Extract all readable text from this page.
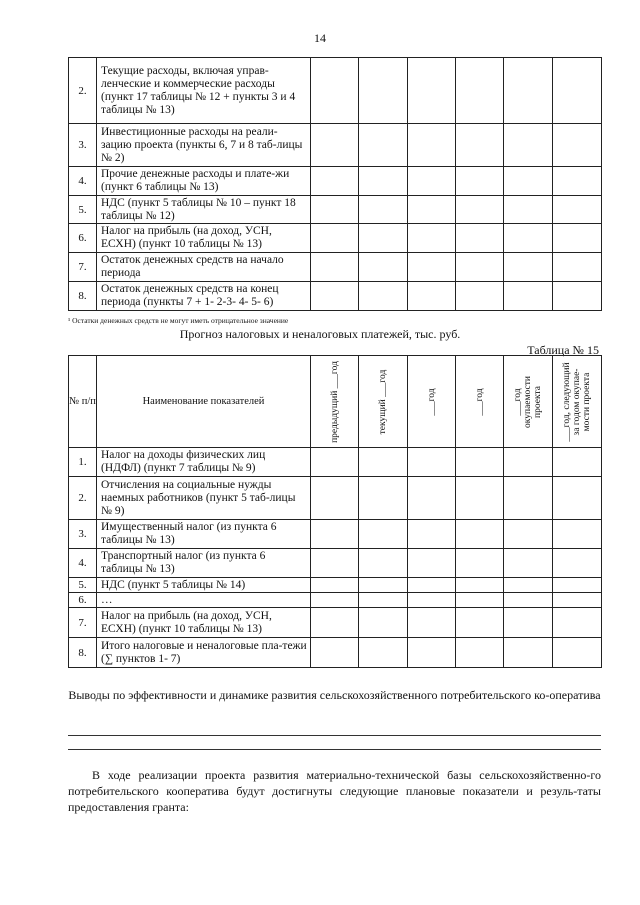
14
2.	Текущие расходы, включая управ-ленческие и коммерческие расходы (пункт 17 таблицы № 12 + пункты 3 и 4 таблицы № 13)						
3.	Инвестиционные расходы на реали-зацию проекта (пункты 6, 7 и 8 таб-лицы № 2)						
4.	Прочие денежные расходы и плате-жи (пункт 6 таблицы № 13)						
5.	НДС (пункт 5 таблицы № 10 – пункт 18 таблицы № 12)						
6.	Налог на прибыль (на доход, УСН, ЕСХН) (пункт 10 таблицы № 13)						
7.	Остаток денежных средств на начало периода						
8.	Остаток денежных средств на конец периода (пункты 7 + 1- 2-3- 4- 5- 6)						
¹ Остатки денежных средств не могут иметь отрицательное значение
Прогноз налоговых и неналоговых платежей, тыс. руб.
Таблица № 15
№ п/п	Наименование показателей	предыдущий ___год	текущий ___год	___год	___год	___год окупаемости проекта	___год, следующий за годом окупае-мости проекта

1.	Налог на доходы физических лиц (НДФЛ) (пункт 7 таблицы № 9)						
2.	Отчисления на социальные нужды наемных работников (пункт 5 таб-лицы № 9)						
3.	Имущественный налог (из пункта 6 таблицы № 13)						
4.	Транспортный налог (из пункта 6 таблицы № 13)						
5.	НДС (пункт 5 таблицы № 14)						
6.	…						
7.	Налог на прибыль (на доход, УСН, ЕСХН) (пункт 10 таблицы № 13)						
8.	Итого налоговые и неналоговые пла-тежи (∑ пунктов 1- 7)						
Выводы по эффективности и динамике развития сельскохозяйственного потребительского ко-оператива
В ходе реализации проекта развития материально-технической базы сельскохозяйственно-го потребительского кооператива будут достигнуты следующие плановые показатели и резуль-таты предоставления гранта:
